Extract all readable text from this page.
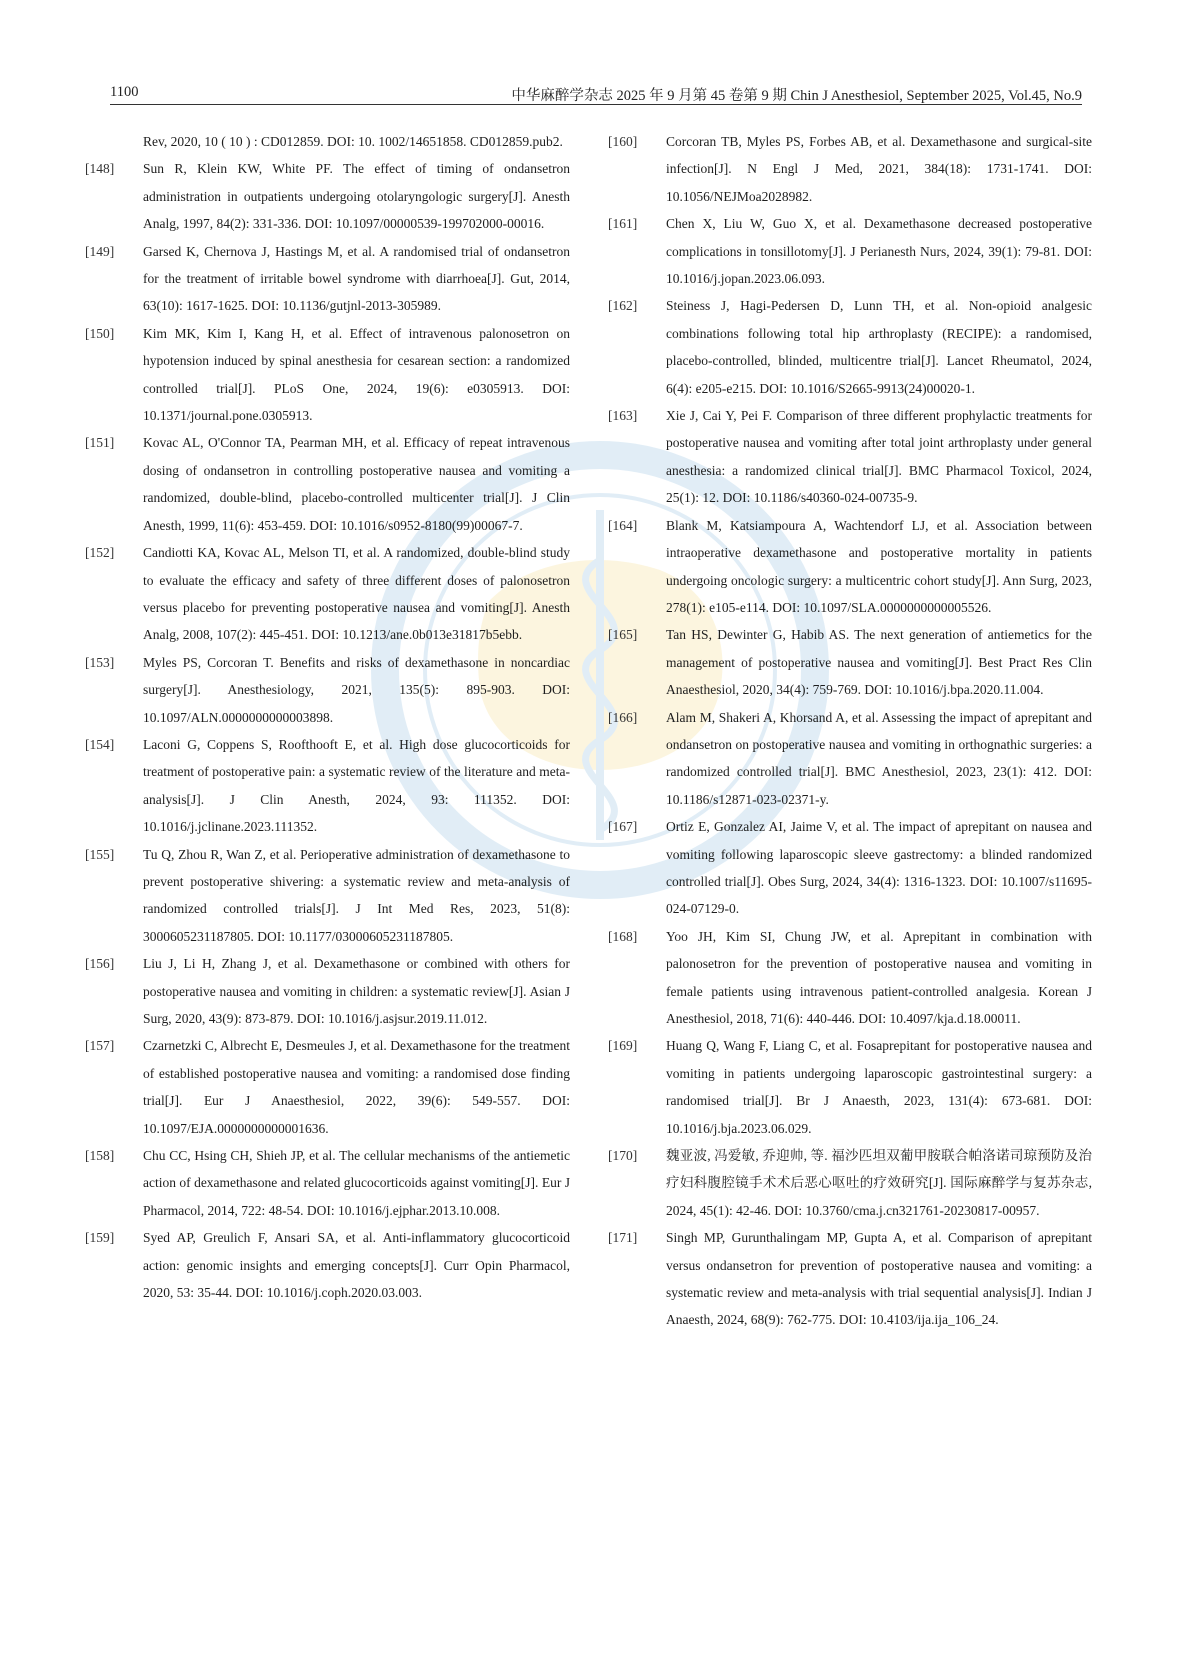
1100	中华麻醉学杂志 2025 年 9 月第 45 卷第 9 期 Chin J Anesthesiol, September 2025, Vol.45, No.9
Rev, 2020, 10 ( 10 ) : CD012859. DOI: 10. 1002/14651858. CD012859.pub2.
[148] Sun R, Klein KW, White PF. The effect of timing of ondansetron administration in outpatients undergoing otolaryngologic surgery[J]. Anesth Analg, 1997, 84(2): 331-336. DOI: 10.1097/00000539-199702000-00016.
[149] Garsed K, Chernova J, Hastings M, et al. A randomised trial of ondansetron for the treatment of irritable bowel syndrome with diarrhoea[J]. Gut, 2014, 63(10): 1617-1625. DOI: 10.1136/gutjnl-2013-305989.
[150] Kim MK, Kim I, Kang H, et al. Effect of intravenous palonosetron on hypotension induced by spinal anesthesia for cesarean section: a randomized controlled trial[J]. PLoS One, 2024, 19(6): e0305913. DOI: 10.1371/journal.pone.0305913.
[151] Kovac AL, O'Connor TA, Pearman MH, et al. Efficacy of repeat intravenous dosing of ondansetron in controlling postoperative nausea and vomiting a randomized, double-blind, placebo-controlled multicenter trial[J]. J Clin Anesth, 1999, 11(6): 453-459. DOI: 10.1016/s0952-8180(99)00067-7.
[152] Candiotti KA, Kovac AL, Melson TI, et al. A randomized, double-blind study to evaluate the efficacy and safety of three different doses of palonosetron versus placebo for preventing postoperative nausea and vomiting[J]. Anesth Analg, 2008, 107(2): 445-451. DOI: 10.1213/ane.0b013e31817b5ebb.
[153] Myles PS, Corcoran T. Benefits and risks of dexamethasone in noncardiac surgery[J]. Anesthesiology, 2021, 135(5): 895-903. DOI: 10.1097/ALN.0000000000003898.
[154] Laconi G, Coppens S, Roofthooft E, et al. High dose glucocorticoids for treatment of postoperative pain: a systematic review of the literature and meta-analysis[J]. J Clin Anesth, 2024, 93: 111352. DOI: 10.1016/j.jclinane.2023.111352.
[155] Tu Q, Zhou R, Wan Z, et al. Perioperative administration of dexamethasone to prevent postoperative shivering: a systematic review and meta-analysis of randomized controlled trials[J]. J Int Med Res, 2023, 51(8): 3000605231187805. DOI: 10.1177/03000605231187805.
[156] Liu J, Li H, Zhang J, et al. Dexamethasone or combined with others for postoperative nausea and vomiting in children: a systematic review[J]. Asian J Surg, 2020, 43(9): 873-879. DOI: 10.1016/j.asjsur.2019.11.012.
[157] Czarnetzki C, Albrecht E, Desmeules J, et al. Dexamethasone for the treatment of established postoperative nausea and vomiting: a randomised dose finding trial[J]. Eur J Anaesthesiol, 2022, 39(6): 549-557. DOI: 10.1097/EJA.0000000000001636.
[158] Chu CC, Hsing CH, Shieh JP, et al. The cellular mechanisms of the antiemetic action of dexamethasone and related glucocorticoids against vomiting[J]. Eur J Pharmacol, 2014, 722: 48-54. DOI: 10.1016/j.ejphar.2013.10.008.
[159] Syed AP, Greulich F, Ansari SA, et al. Anti-inflammatory glucocorticoid action: genomic insights and emerging concepts[J]. Curr Opin Pharmacol, 2020, 53: 35-44. DOI: 10.1016/j.coph.2020.03.003.
[160] Corcoran TB, Myles PS, Forbes AB, et al. Dexamethasone and surgical-site infection[J]. N Engl J Med, 2021, 384(18): 1731-1741. DOI: 10.1056/NEJMoa2028982.
[161] Chen X, Liu W, Guo X, et al. Dexamethasone decreased postoperative complications in tonsillotomy[J]. J Perianesth Nurs, 2024, 39(1): 79-81. DOI: 10.1016/j.jopan.2023.06.093.
[162] Steiness J, Hagi-Pedersen D, Lunn TH, et al. Non-opioid analgesic combinations following total hip arthroplasty (RECIPE): a randomised, placebo-controlled, blinded, multicentre trial[J]. Lancet Rheumatol, 2024, 6(4): e205-e215. DOI: 10.1016/S2665-9913(24)00020-1.
[163] Xie J, Cai Y, Pei F. Comparison of three different prophylactic treatments for postoperative nausea and vomiting after total joint arthroplasty under general anesthesia: a randomized clinical trial[J]. BMC Pharmacol Toxicol, 2024, 25(1): 12. DOI: 10.1186/s40360-024-00735-9.
[164] Blank M, Katsiampoura A, Wachtendorf LJ, et al. Association between intraoperative dexamethasone and postoperative mortality in patients undergoing oncologic surgery: a multicentric cohort study[J]. Ann Surg, 2023, 278(1): e105-e114. DOI: 10.1097/SLA.0000000000005526.
[165] Tan HS, Dewinter G, Habib AS. The next generation of antiemetics for the management of postoperative nausea and vomiting[J]. Best Pract Res Clin Anaesthesiol, 2020, 34(4): 759-769. DOI: 10.1016/j.bpa.2020.11.004.
[166] Alam M, Shakeri A, Khorsand A, et al. Assessing the impact of aprepitant and ondansetron on postoperative nausea and vomiting in orthognathic surgeries: a randomized controlled trial[J]. BMC Anesthesiol, 2023, 23(1): 412. DOI: 10.1186/s12871-023-02371-y.
[167] Ortiz E, Gonzalez AI, Jaime V, et al. The impact of aprepitant on nausea and vomiting following laparoscopic sleeve gastrectomy: a blinded randomized controlled trial[J]. Obes Surg, 2024, 34(4): 1316-1323. DOI: 10.1007/s11695-024-07129-0.
[168] Yoo JH, Kim SI, Chung JW, et al. Aprepitant in combination with palonosetron for the prevention of postoperative nausea and vomiting in female patients using intravenous patient-controlled analgesia. Korean J Anesthesiol, 2018, 71(6): 440-446. DOI: 10.4097/kja.d.18.00011.
[169] Huang Q, Wang F, Liang C, et al. Fosaprepitant for postoperative nausea and vomiting in patients undergoing laparoscopic gastrointestinal surgery: a randomised trial[J]. Br J Anaesth, 2023, 131(4): 673-681. DOI: 10.1016/j.bja.2023.06.029.
[170] 魏亚波, 冯爱敏, 乔迎帅, 等. 福沙匹坦双葡甲胺联合帕洛诺司琼预防及治疗妇科腹腔镜手术术后恶心呕吐的疗效研究[J]. 国际麻醉学与复苏杂志, 2024, 45(1): 42-46. DOI: 10.3760/cma.j.cn321761-20230817-00957.
[171] Singh MP, Gurunthalingam MP, Gupta A, et al. Comparison of aprepitant versus ondansetron for prevention of postoperative nausea and vomiting: a systematic review and meta-analysis with trial sequential analysis[J]. Indian J Anaesth, 2024, 68(9): 762-775. DOI: 10.4103/ija.ija_106_24.
